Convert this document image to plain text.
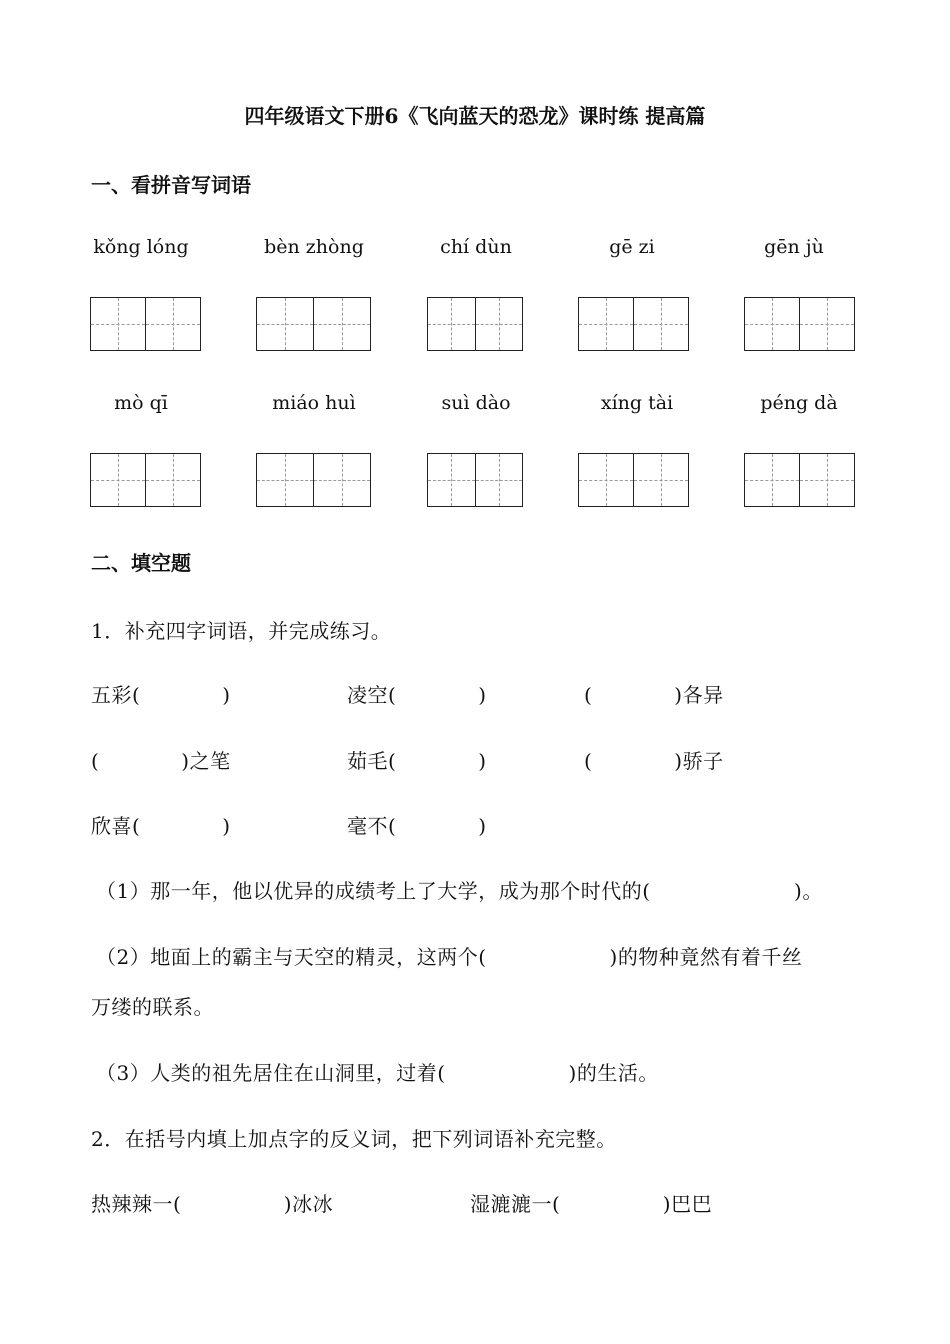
四年级语文下册6《飞向蓝天的恐龙》课时练 提高篇
一、看拼音写词语
kǒng lóng	bèn zhòng	chí dùn	gē zi	gēn jù
mò qī	miáo huì	suì dào	xíng tài	péng dà
二、填空题
1．补充四字词语，并完成练习。
五彩(　　　　)	凌空(　　　　)	(　　　　)各异
(　　　　)之笔	茹毛(　　　　)	(　　　　)骄子
欣喜(　　　　)	毫不(　　　　)
（1）那一年，他以优异的成绩考上了大学，成为那个时代的(　　　　　　　)。
（2）地面上的霸主与天空的精灵，这两个(　　　　　　)的物种竟然有着千丝
万缕的联系。
（3）人类的祖先居住在山洞里，过着(　　　　　　)的生活。
2．在括号内填上加点字的反义词，把下列词语补充完整。
热辣辣一(　　　　　)冰冰	湿漉漉一(　　　　　)巴巴
